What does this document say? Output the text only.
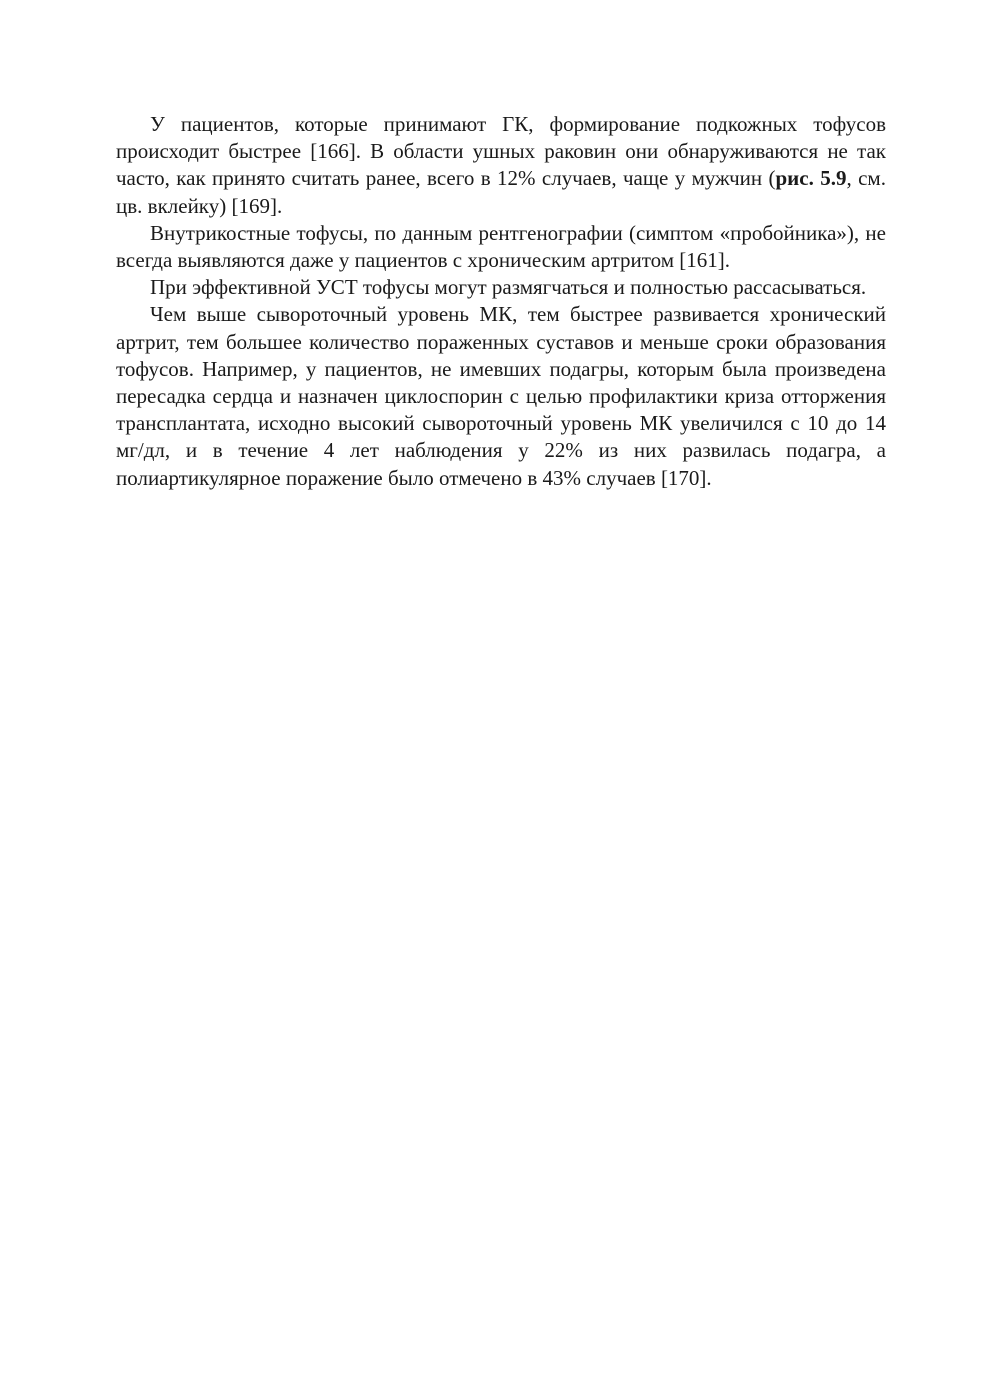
У пациентов, которые принимают ГК, формирование подкожных тофусов происходит быстрее [166]. В области ушных раковин они обнаруживаются не так часто, как принято считать ранее, всего в 12% случаев, чаще у мужчин (рис. 5.9, см. цв. вклейку) [169].

Внутрикостные тофусы, по данным рентгенографии (симптом «пробойника»), не всегда выявляются даже у пациентов с хроническим артритом [161].

При эффективной УСТ тофусы могут размягчаться и полностью рассасываться.

Чем выше сывороточный уровень МК, тем быстрее развивается хронический артрит, тем большее количество пораженных суставов и меньше сроки образования тофусов. Например, у пациентов, не имевших подагры, которым была произведена пересадка сердца и назначен циклоспорин с целью профилактики криза отторжения трансплантата, исходно высокий сывороточный уровень МК увеличился с 10 до 14 мг/дл, и в течение 4 лет наблюдения у 22% из них развилась подагра, а полиартикулярное поражение было отмечено в 43% случаев [170].
